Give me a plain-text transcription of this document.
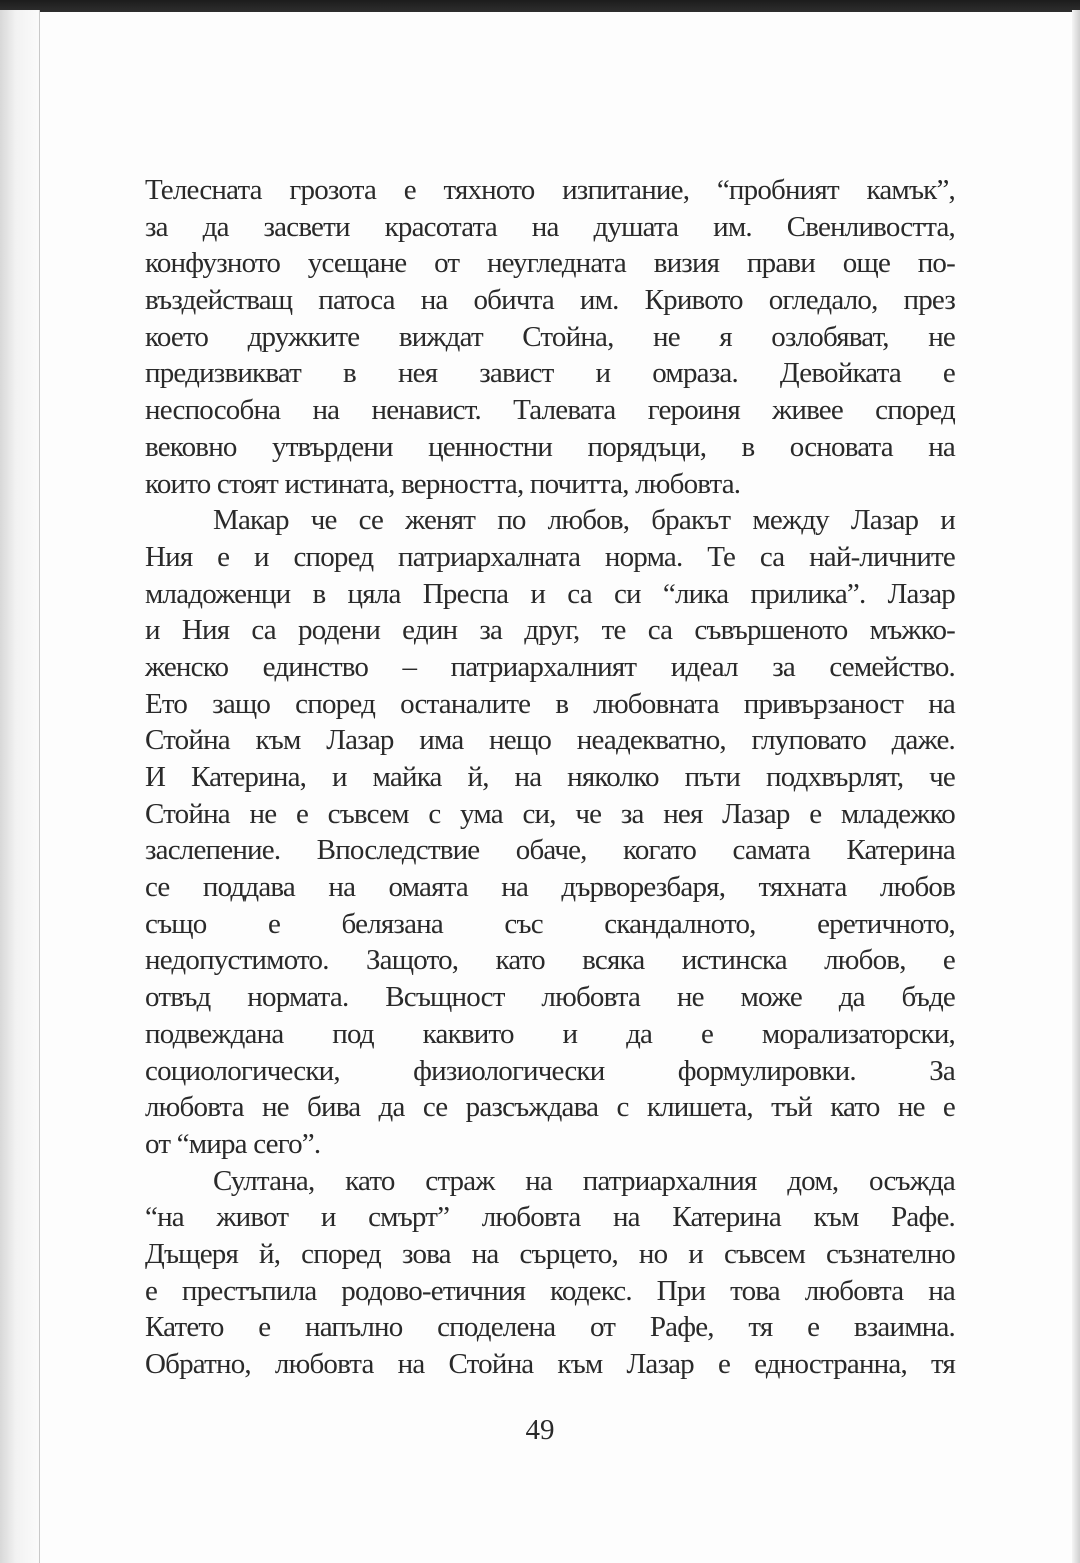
Телесната грозота е тяхното изпитание, “пробният камък”,
за да засвети красотата на душата им. Свенливостта,
конфузното усещане от неугледната визия прави още по-
въздействащ патоса на обичта им. Кривото огледало, през
което дружките виждат Стойна, не я озлобяват, не
предизвикват в нея завист и омраза. Девойката е
неспособна на ненавист. Талевата героиня живее според
вековно утвърдени ценностни порядъци, в основата на
които стоят истината, верността, почитта, любовта.
Макар че се женят по любов, бракът между Лазар и
Ния е и според патриархалната норма. Те са най-личните
младоженци в цяла Преспа и са си “лика прилика”. Лазар
и Ния са родени един за друг, те са съвършеното мъжко-
женско единство – патриархалният идеал за семейство.
Ето защо според останалите в любовната привързаност на
Стойна към Лазар има нещо неадекватно, глуповато даже.
И Катерина, и майка й, на няколко пъти подхвърлят, че
Стойна не е съвсем с ума си, че за нея Лазар е младежко
заслепение. Впоследствие обаче, когато самата Катерина
се поддава на омаята на дърворезбаря, тяхната любов
също е белязана със скандалното, еретичното,
недопустимото. Защото, като всяка истинска любов, е
отвъд нормата. Всъщност любовта не може да бъде
подвеждана под каквито и да е морализаторски,
социологически, физиологически формулировки. За
любовта не бива да се разсъждава с клишета, тъй като не е
от “мира сего”.
Султана, като страж на патриархалния дом, осъжда
“на живот и смърт” любовта на Катерина към Рафе.
Дъщеря й, според зова на сърцето, но и съвсем съзнателно
е престъпила родово-етичния кодекс. При това любовта на
Катето е напълно споделена от Рафе, тя е взаимна.
Обратно, любовта на Стойна към Лазар е едностранна, тя
49
